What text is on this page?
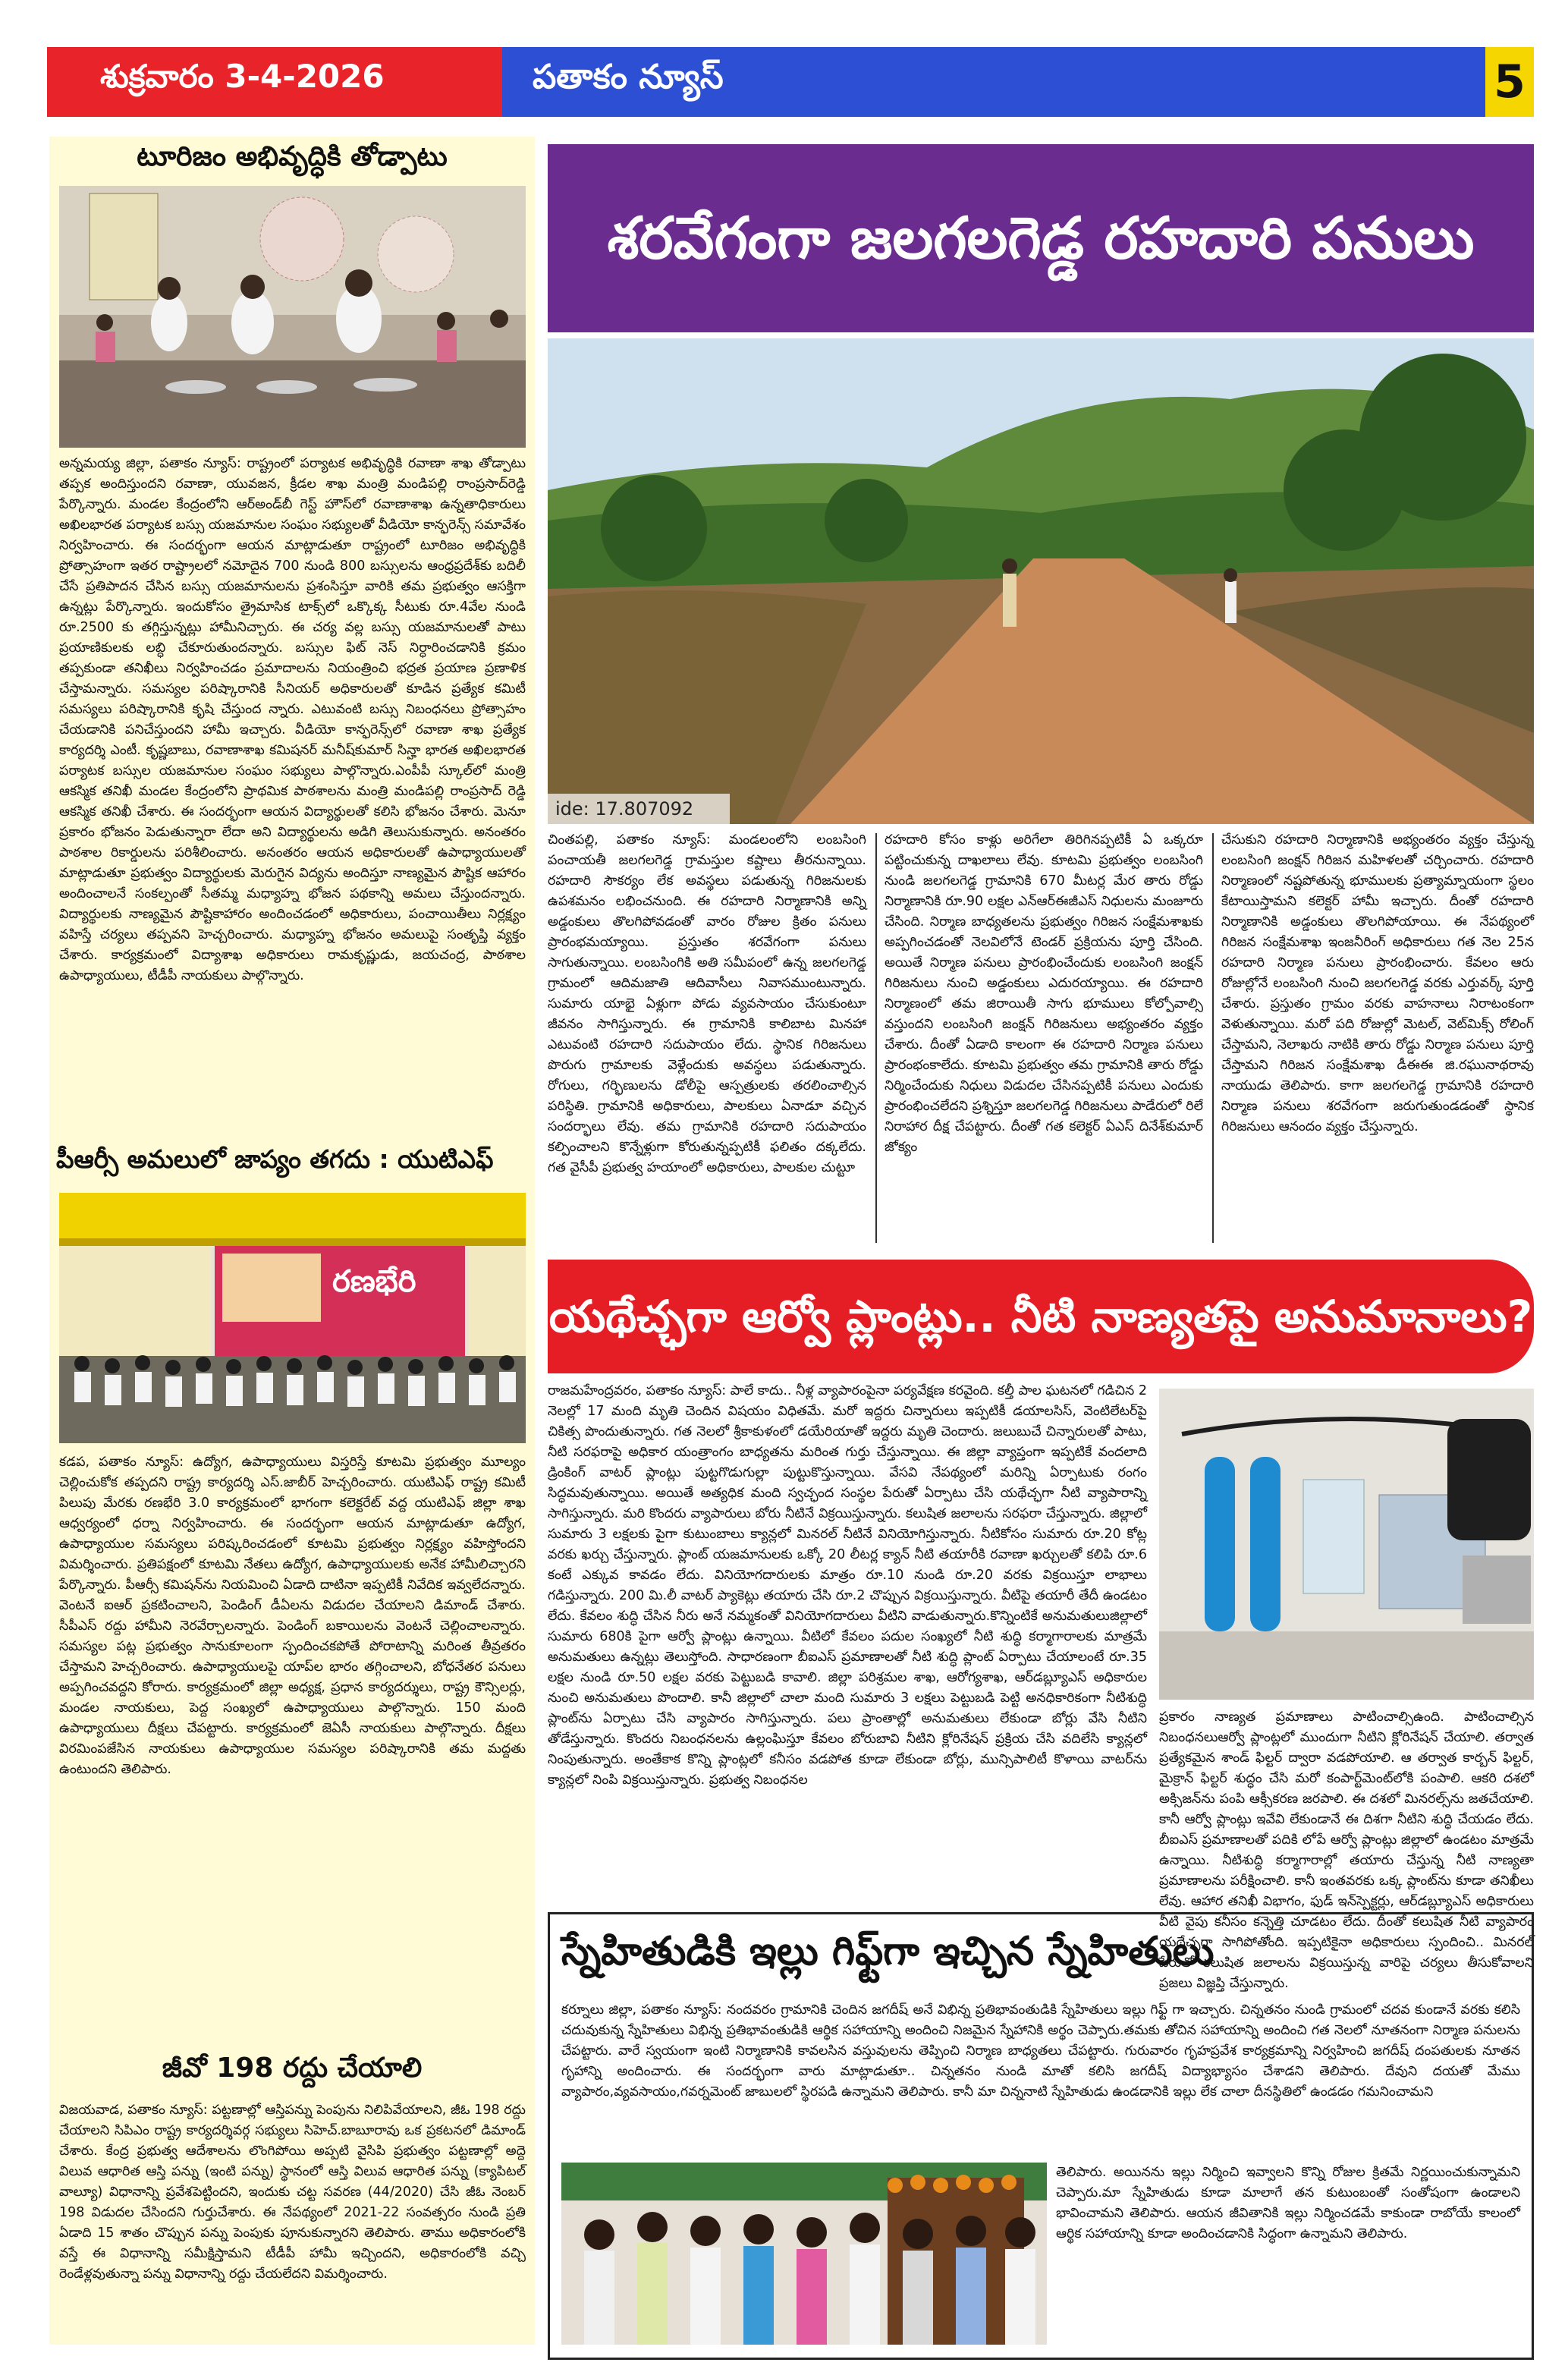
శుక్రవారం 3-4-2026	పతాకం న్యూస్	5
టూరిజం అభివృద్ధికి తోడ్పాటు
అన్నమయ్య జిల్లా, పతాకం న్యూస్: రాష్ట్రంలో పర్యాటక అభివృద్ధికి రవాణా శాఖ తోడ్పాటు తప్పక అందిస్తుందని రవాణా, యువజన, క్రీడల శాఖ మంత్రి మండిపల్లి రాంప్రసాద్‌రెడ్డి పేర్కొన్నారు. మండల కేంద్రంలోని ఆర్‌అండ్‌బీ గెస్ట్ హౌస్‌లో రవాణాశాఖ ఉన్నతాధికారులు అఖిలభారత పర్యాటక బస్సు యజమానుల సంఘం సభ్యులతో వీడియో కాన్ఫరెన్స్ సమావేశం నిర్వహించారు. ఈ సందర్భంగా ఆయన మాట్లాడుతూ రాష్ట్రంలో టూరిజం అభివృద్ధికి ప్రోత్సాహంగా ఇతర రాష్ట్రాలలో నమోదైన 700 నుండి 800 బస్సులను ఆంధ్రప్రదేశ్‌కు బదిలీ చేసే ప్రతిపాదన చేసిన బస్సు యజమానులను ప్రశంసిస్తూ వారికి తమ ప్రభుత్వం ఆసక్తిగా ఉన్నట్లు పేర్కొన్నారు. ఇందుకోసం త్రైమాసిక టాక్స్‌లో ఒక్కొక్క సీటుకు రూ.4వేల నుండి రూ.2500 కు తగ్గిస్తున్నట్లు హామీనిచ్చారు. ఈ చర్య వల్ల బస్సు యజమానులతో పాటు ప్రయాణికులకు లబ్ధి చేకూరుతుందన్నారు. బస్సుల ఫిట్ నెస్ నిర్ధారించడానికి క్రమం తప్పకుండా తనిఖీలు నిర్వహించడం ప్రమాదాలను నియంత్రించి భద్రత ప్రయాణ ప్రణాళిక చేస్తామన్నారు. సమస్యల పరిష్కారానికి సీనియర్ అధికారులతో కూడిన ప్రత్యేక కమిటీ సమస్యలు పరిష్కారానికి కృషి చేస్తుంద న్నారు. ఎటువంటి బస్సు నిబంధనలు ప్రోత్సాహం చేయడానికి పనిచేస్తుందని హామీ ఇచ్చారు. వీడియో కాన్ఫరెన్స్‌లో రవాణా శాఖ ప్రత్యేక కార్యదర్శి ఎంటీ. కృష్ణబాబు, రవాణాశాఖ కమిషనర్ మనీష్‌కుమార్ సిన్హా భారత అఖిలభారత పర్యాటక బస్సుల యజమానుల సంఘం సభ్యులు పాల్గొన్నారు.ఎంపీపీ స్కూల్‌లో మంత్రి ఆకస్మిక తనిఖీ మండల కేంద్రంలోని ప్రాథమిక పాఠశాలను మంత్రి మండిపల్లి రాంప్రసాద్ రెడ్డి ఆకస్మిక తనిఖీ చేశారు. ఈ సందర్భంగా ఆయన విద్యార్థులతో కలిసి భోజనం చేశారు. మెనూ ప్రకారం భోజనం పెడుతున్నారా లేదా అని విద్యార్థులను అడిగి తెలుసుకున్నారు. అనంతరం పాఠశాల రికార్డులను పరిశీలించారు. అనంతరం ఆయన అధికారులతో ఉపాధ్యాయులతో మాట్లాడుతూ ప్రభుత్వం విద్యార్థులకు మెరుగైన విద్యను అందిస్తూ నాణ్యమైన పౌష్టిక ఆహారం అందించాలనే సంకల్పంతో సీతమ్మ మధ్యాహ్న భోజన పథకాన్ని అమలు చేస్తుందన్నారు. విద్యార్థులకు నాణ్యమైన పౌష్టికాహారం అందించడంలో అధికారులు, పంచాయితీలు నిర్లక్ష్యం వహిస్తే చర్యలు తప్పవని హెచ్చరించారు. మధ్యాహ్న భోజనం అమలుపై సంతృప్తి వ్యక్తం చేశారు. కార్యక్రమంలో విద్యాశాఖ అధికారులు రామకృష్ణుడు, జయచంద్ర, పాఠశాల ఉపాధ్యాయులు, టీడీపీ నాయకులు పాల్గొన్నారు.
పీఆర్సీ అమలులో జాప్యం తగదు : యుటిఎఫ్
రణభేరి
కడప, పతాకం న్యూస్: ఉద్యోగ, ఉపాధ్యాయులు విస్తరిస్తే కూటమి ప్రభుత్వం మూల్యం చెల్లించుకోక తప్పదని రాష్ట్ర కార్యదర్శి ఎస్.జాబీర్ హెచ్చరించారు. యుటిఎఫ్ రాష్ట్ర కమిటీ పిలుపు మేరకు రణభేరి 3.0 కార్యక్రమంలో భాగంగా కలెక్టరేట్ వద్ద యుటిఎఫ్ జిల్లా శాఖ ఆధ్వర్యంలో ధర్నా నిర్వహించారు. ఈ సందర్భంగా ఆయన మాట్లాడుతూ ఉద్యోగ, ఉపాధ్యాయుల సమస్యలు పరిష్కరించడంలో కూటమి ప్రభుత్వం నిర్లక్ష్యం వహిస్తోందని విమర్శించారు. ప్రతిపక్షంలో కూటమి నేతలు ఉద్యోగ, ఉపాధ్యాయులకు అనేక హామీలిచ్చారని పేర్కొన్నారు. పీఆర్సీ కమిషన్‌ను నియమించి ఏడాది దాటినా ఇప్పటికీ నివేదిక ఇవ్వలేదన్నారు. వెంటనే ఐఆర్ ప్రకటించాలని, పెండింగ్ డీఏలను విడుదల చేయాలని డిమాండ్ చేశారు. సీపీఎస్ రద్దు హామీని నెరవేర్చాలన్నారు. పెండింగ్ బకాయిలను వెంటనే చెల్లించాలన్నారు. సమస్యల పట్ల ప్రభుత్వం సానుకూలంగా స్పందించకపోతే పోరాటాన్ని మరింత తీవ్రతరం చేస్తామని హెచ్చరించారు. ఉపాధ్యాయులపై యాప్‌ల భారం తగ్గించాలని, బోధనేతర పనులు అప్పగించవద్దని కోరారు. కార్యక్రమంలో జిల్లా అధ్యక్ష, ప్రధాన కార్యదర్శులు, రాష్ట్ర కౌన్సిలర్లు, మండల నాయకులు, పెద్ద సంఖ్యలో ఉపాధ్యాయులు పాల్గొన్నారు. 150 మంది ఉపాధ్యాయులు దీక్షలు చేపట్టారు. కార్యక్రమంలో జెఏసీ నాయకులు పాల్గొన్నారు. దీక్షలు విరమింపజేసిన నాయకులు ఉపాధ్యాయుల సమస్యల పరిష్కారానికి తమ మద్దతు ఉంటుందని తెలిపారు.
జీవో 198 రద్దు చేయాలి
విజయవాడ, పతాకం న్యూస్: పట్టణాల్లో ఆస్తిపన్ను పెంపును నిలిపివేయాలని, జీఓ 198 రద్దు చేయాలని సిపిఎం రాష్ట్ర కార్యదర్శివర్గ సభ్యులు సిహెచ్.బాబూరావు ఒక ప్రకటనలో డిమాండ్ చేశారు. కేంద్ర ప్రభుత్వ ఆదేశాలను లొంగిపోయి అప్పటి వైసిపి ప్రభుత్వం పట్టణాల్లో అద్దె విలువ ఆధారిత ఆస్తి పన్ను (ఇంటి పన్ను) స్థానంలో ఆస్తి విలువ ఆధారిత పన్ను (క్యాపిటల్ వాల్యూ) విధానాన్ని ప్రవేశపెట్టిందని, ఇందుకు చట్ట సవరణ (44/2020) చేసి జీఓ నెంబర్ 198 విడుదల చేసిందని గుర్తుచేశారు. ఈ నేపథ్యంలో 2021-22 సంవత్సరం నుండి ప్రతి ఏడాది 15 శాతం చొప్పున పన్ను పెంపుకు పూనుకున్నారని తెలిపారు. తాము అధికారంలోకి వస్తే ఈ విధానాన్ని సమీక్షిస్తామని టీడీపీ హామీ ఇచ్చిందని, అధికారంలోకి వచ్చి రెండేళ్లవుతున్నా పన్ను విధానాన్ని రద్దు చేయలేదని విమర్శించారు.
శరవేగంగా జలగలగెడ్డ రహదారి పనులు
ide: 17.807092
చింతపల్లి, పతాకం న్యూస్: మండలంలోని లంబసింగి పంచాయతీ జలగలగెడ్డ గ్రామస్తుల కష్టాలు తీరనున్నాయి. రహదారి సౌకర్యం లేక అవస్థలు పడుతున్న గిరిజనులకు ఉపశమనం లభించనుంది. ఈ రహదారి నిర్మాణానికి అన్ని అడ్డంకులు తొలగిపోవడంతో వారం రోజుల క్రితం పనులు ప్రారంభమయ్యాయి. ప్రస్తుతం శరవేగంగా పనులు సాగుతున్నాయి. లంబసింగికి అతి సమీపంలో ఉన్న జలగలగెడ్డ గ్రామంలో ఆదిమజాతి ఆదివాసీలు నివాసముంటున్నారు. సుమారు యాభై ఏళ్లుగా పోడు వ్యవసాయం చేసుకుంటూ జీవనం సాగిస్తున్నారు. ఈ గ్రామానికి కాలిబాట మినహా ఎటువంటి రహదారి సదుపాయం లేదు. స్థానిక గిరిజనులు పొరుగు గ్రామాలకు వెళ్లేందుకు అవస్థలు పడుతున్నారు. రోగులు, గర్భిణులను డోలీపై ఆస్పత్రులకు తరలించాల్సిన పరిస్థితి. గ్రామానికి అధికారులు, పాలకులు ఏనాడూ వచ్చిన సందర్భాలు లేవు. తమ గ్రామానికి రహదారి సదుపాయం కల్పించాలని కొన్నేళ్లుగా కోరుతున్నప్పటికీ ఫలితం దక్కలేదు. గత వైసీపీ ప్రభుత్వ హయాంలో అధికారులు, పాలకుల చుట్టూ
రహదారి కోసం కాళ్లు అరిగేలా తిరిగినప్పటికీ ఏ ఒక్కరూ పట్టించుకున్న దాఖలాలు లేవు. కూటమి ప్రభుత్వం లంబసింగి నుండి జలగలగెడ్డ గ్రామానికి 670 మీటర్ల మేర తారు రోడ్డు నిర్మాణానికి రూ.90 లక్షల ఎన్‌ఆర్‌ఈజీఎస్ నిధులను మంజూరు చేసింది. నిర్మాణ బాధ్యతలను ప్రభుత్వం గిరిజన సంక్షేమశాఖకు అప్పగించడంతో నెలవిలోనే టెండర్ ప్రక్రియను పూర్తి చేసింది. అయితే నిర్మాణ పనులు ప్రారంభించేందుకు లంబసింగి జంక్షన్ గిరిజనులు నుంచి అడ్డంకులు ఎదురయ్యాయి. ఈ రహదారి నిర్మాణంలో తమ జిరాయితీ సాగు భూములు కోల్పోవాల్సి వస్తుందని లంబసింగి జంక్షన్ గిరిజనులు అభ్యంతరం వ్యక్తం చేశారు. దీంతో ఏడాది కాలంగా ఈ రహదారి నిర్మాణ పనులు ప్రారంభంకాలేదు. కూటమి ప్రభుత్వం తమ గ్రామానికి తారు రోడ్డు నిర్మించేందుకు నిధులు విడుదల చేసినప్పటికీ పనులు ఎందుకు ప్రారంభించలేదని ప్రశ్నిస్తూ జలగలగెడ్డ గిరిజనులు పాడేరులో రిలే నిరాహార దీక్ష చేపట్టారు. దీంతో గత కలెక్టర్ ఏఎస్ దినేశ్‌కుమార్ జోక్యం
చేసుకుని రహదారి నిర్మాణానికి అభ్యంతరం వ్యక్తం చేస్తున్న లంబసింగి జంక్షన్ గిరిజన మహిళలతో చర్చించారు. రహదారి నిర్మాణంలో నష్టపోతున్న భూములకు ప్రత్యామ్నాయంగా స్థలం కేటాయిస్తామని కలెక్టర్ హామీ ఇచ్చారు. దీంతో రహదారి నిర్మాణానికి అడ్డంకులు తొలగిపోయాయి. ఈ నేపథ్యంలో గిరిజన సంక్షేమశాఖ ఇంజనీరింగ్ అధికారులు గత నెల 25న రహదారి నిర్మాణ పనులు ప్రారంభించారు. కేవలం ఆరు రోజుల్లోనే లంబసింగి నుంచి జలగలగెడ్డ వరకు ఎర్తువర్క్ పూర్తి చేశారు. ప్రస్తుతం గ్రామం వరకు వాహనాలు నిరాటంకంగా వెళుతున్నాయి. మరో పది రోజుల్లో మెటల్, వెట్‌మిక్స్ రోలింగ్ చేస్తామని, నెలాఖరు నాటికి తారు రోడ్డు నిర్మాణ పనులు పూర్తి చేస్తామని గిరిజన సంక్షేమశాఖ డీఈఈ జి.రఘునాథరావు నాయుడు తెలిపారు. కాగా జలగలగెడ్డ గ్రామానికి రహదారి నిర్మాణ పనులు శరవేగంగా జరుగుతుండడంతో స్థానిక గిరిజనులు ఆనందం వ్యక్తం చేస్తున్నారు.
యథేచ్ఛగా ఆర్వో ప్లాంట్లు.. నీటి నాణ్యతపై అనుమానాలు?
రాజమహేంద్రవరం, పతాకం న్యూస్: పాలే కాదు.. నీళ్ల వ్యాపారంపైనా పర్యవేక్షణ కరవైంది. కల్తీ పాల ఘటనలో గడిచిన 2 నెలల్లో 17 మంది మృతి చెందిన విషయం విధితమే. మరో ఇద్దరు చిన్నారులు ఇప్పటికీ డయాలసిస్, వెంటిలేటర్‌పై చికిత్స పొందుతున్నారు. గత నెలలో శ్రీకాకుళంలో డయేరియాతో ఇద్దరు మృతి చెందారు. జలుబు‌చే చిన్నారులతో పాటు, నీటి సరఫరాపై అధికార యంత్రాంగం బాధ్యతను మరింత గుర్తు చేస్తున్నాయి. ఈ జిల్లా వ్యాప్తంగా ఇప్పటికే వందలాది డ్రింకింగ్ వాటర్ ప్లాంట్లు పుట్టగొడుగుల్లా పుట్టుకొస్తున్నాయి. వేసవి నేపథ్యంలో మరిన్ని ఏర్పాటుకు రంగం సిద్ధమవుతున్నాయి. అయితే అత్యధిక మంది స్వచ్ఛంద సంస్థల పేరుతో ఏర్పాటు చేసి యథేచ్ఛగా నీటి వ్యాపారాన్ని సాగిస్తున్నారు. మరి కొందరు వ్యాపారులు బోరు నీటినే విక్రయిస్తున్నారు. కలుషిత జలాలను సరఫరా చేస్తున్నారు. జిల్లాలో సుమారు 3 లక్షలకు పైగా కుటుంబాలు క్యాన్లలో మినరల్ నీటినే వినియోగిస్తున్నారు. నీటికోసం సుమారు రూ.20 కోట్ల వరకు ఖర్చు చేస్తున్నారు. ప్లాంట్ యజమానులకు ఒక్కో 20 లీటర్ల క్యాన్ నీటి తయారీకి రవాణా ఖర్చులతో కలిపి రూ.6 కంటే ఎక్కువ కావడం లేదు. వినియోగదారులకు మాత్రం రూ.10 నుండి రూ.20 వరకు విక్రయిస్తూ లాభాలు గడిస్తున్నారు. 200 మి.లీ వాటర్ ప్యాకెట్లు తయారు చేసి రూ.2 చొప్పున విక్రయిస్తున్నారు. వీటిపై తయారీ తేదీ ఉండటం లేదు. కేవలం శుద్ధి చేసిన నీరు అనే నమ్మకంతో వినియోగదారులు వీటిని వాడుతున్నారు.కొన్నింటికే అనుమతులుజిల్లాలో సుమారు 680కి పైగా ఆర్వో ప్లాంట్లు ఉన్నాయి. వీటిలో కేవలం పదుల సంఖ్యలో నీటి శుద్ధి కర్మాగారాలకు మాత్రమే అనుమతులు ఉన్నట్లు తెలుస్తోంది. సాధారణంగా బీఐఎస్ ప్రమాణాలతో నీటి శుద్ధి ప్లాంట్ ఏర్పాటు చేయాలంటే రూ.35 లక్షల నుండి రూ.50 లక్షల వరకు పెట్టుబడి కావాలి. జిల్లా పరిశ్రమల శాఖ, ఆరోగ్యశాఖ, ఆర్‌డబ్ల్యూఎస్ అధికారుల నుంచి అనుమతులు పొందాలి. కానీ జిల్లాలో చాలా మంది సుమారు 3 లక్షలు పెట్టుబడి పెట్టి అనధికారికంగా నీటిశుద్ధి ప్లాంట్‌ను ఏర్పాటు చేసి వ్యాపారం సాగిస్తున్నారు. పలు ప్రాంతాల్లో అనుమతులు లేకుండా బోర్లు వేసి నీటిని తోడేస్తున్నారు. కొందరు నిబంధనలను ఉల్లంఘిస్తూ కేవలం బోరుబావి నీటిని క్లోరినేషన్ ప్రక్రియ చేసి వదిలేసి క్యాన్లలో నింపుతున్నారు. అంతేకాక కొన్ని ప్లాంట్లలో కనీసం వడపోత కూడా లేకుండా బోర్లు, మున్సిపాలిటీ కొళాయి వాటర్‌ను క్యాన్లలో నింపి విక్రయిస్తున్నారు. ప్రభుత్వ నిబంధనల
ప్రకారం నాణ్యత ప్రమాణాలు పాటించాల్సిఉంది. పాటించాల్సిన నిబంధనలుఆర్వో ప్లాంట్లలో ముందుగా నీటిని క్లోరినేషన్ చేయాలి. తర్వాత ప్రత్యేకమైన శాండ్ ఫిల్టర్ ద్వారా వడపోయాలి. ఆ తర్వాత కార్బన్ ఫిల్టర్, మైక్రాన్ ఫిల్టర్ శుద్ధం చేసి మరో కంపార్ట్‌మెంట్‌లోకి పంపాలి. ఆకరి దశలో అక్సిజన్‌ను పంపి ఆక్సీకరణ జరపాలి. ఈ దశలో మినరల్స్‌ను జతచేయాలి. కానీ ఆర్వో ప్లాంట్లు ఇవేవి లేకుండానే ఈ దిశగా నీటిని శుద్ధి చేయడం లేదు. బీఐఎస్ ప్రమాణాలతో పదికి లోపే ఆర్వో ప్లాంట్లు జిల్లాలో ఉండటం మాత్రమే ఉన్నాయి. నీటిశుద్ధి కర్మాగారాల్లో తయారు చేస్తున్న నీటి నాణ్యతా ప్రమాణాలను పరీక్షించాలి. కానీ ఇంతవరకు ఒక్క ప్లాంట్‌ను కూడా తనిఖీలు లేవు. ఆహార తనిఖీ విభాగం, ఫుడ్ ఇన్‌స్పెక్టర్లు, ఆర్‌డబ్ల్యూఎస్ అధికారులు వీటి వైపు కనీసం కన్నెత్తి చూడటం లేదు. దీంతో కలుషిత నీటి వ్యాపారం యథేచ్ఛగా సాగిపోతోంది. ఇప్పటికైనా అధికారులు స్పందించి.. మినరల్ పేరుతో కలుషిత జలాలను విక్రయిస్తున్న వారిపై చర్యలు తీసుకోవాలని ప్రజలు విజ్ఞప్తి చేస్తున్నారు.
స్నేహితుడికి ఇల్లు గిఫ్ట్‌గా ఇచ్చిన స్నేహితులు
కర్నూలు జిల్లా, పతాకం న్యూస్: నందవరం గ్రామానికి చెందిన జగదీష్ అనే విభిన్న ప్రతిభావంతుడికి స్నేహితులు ఇల్లు గిఫ్ట్ గా ఇచ్చారు. చిన్నతనం నుండి గ్రామంలో చదవ కుండానే వరకు కలిసి చదువుకున్న స్నేహితులు విభిన్న ప్రతిభావంతుడికి ఆర్థిక సహాయాన్ని అందించి నిజమైన స్నేహానికి అర్థం చెప్పారు.తమకు తోచిన సహాయాన్ని అందించి గత నెలలో నూతనంగా నిర్మాణ పనులను చేపట్టారు. వారే స్వయంగా ఇంటి నిర్మాణానికి కావలసిన వస్తువులను తెప్పించి నిర్మాణ బాధ్యతలు చేపట్టారు. గురువారం గృహప్రవేశ కార్యక్రమాన్ని నిర్వహించి జగదీష్ దంపతులకు నూతన గృహాన్ని అందించారు. ఈ సందర్భంగా వారు మాట్లాడుతూ.. చిన్నతనం నుండి మాతో కలిసి జగదీష్ విద్యాభ్యాసం చేశాడని తెలిపారు. దేవుని దయతో మేము వ్యాపారం,వ్యవసాయం,గవర్నమెంట్ జాబులలో స్థిరపడి ఉన్నామని తెలిపారు. కానీ మా చిన్ననాటి స్నేహితుడు ఉండడానికి ఇల్లు లేక చాలా దీనస్థితిలో ఉండడం గమనించామని
తెలిపారు. అయినను ఇల్లు నిర్మించి ఇవ్వాలని కొన్ని రోజుల క్రితమే నిర్ణయించుకున్నామని చెప్పారు.మా స్నేహితుడు కూడా మాలాగే తన కుటుంబంతో సంతోషంగా ఉండాలని భావించామని తెలిపారు. ఆయన జీవితానికి ఇల్లు నిర్మించడమే కాకుండా రాబోయే కాలంలో ఆర్థిక సహాయాన్ని కూడా అందించడానికి సిద్ధంగా ఉన్నామని తెలిపారు.
